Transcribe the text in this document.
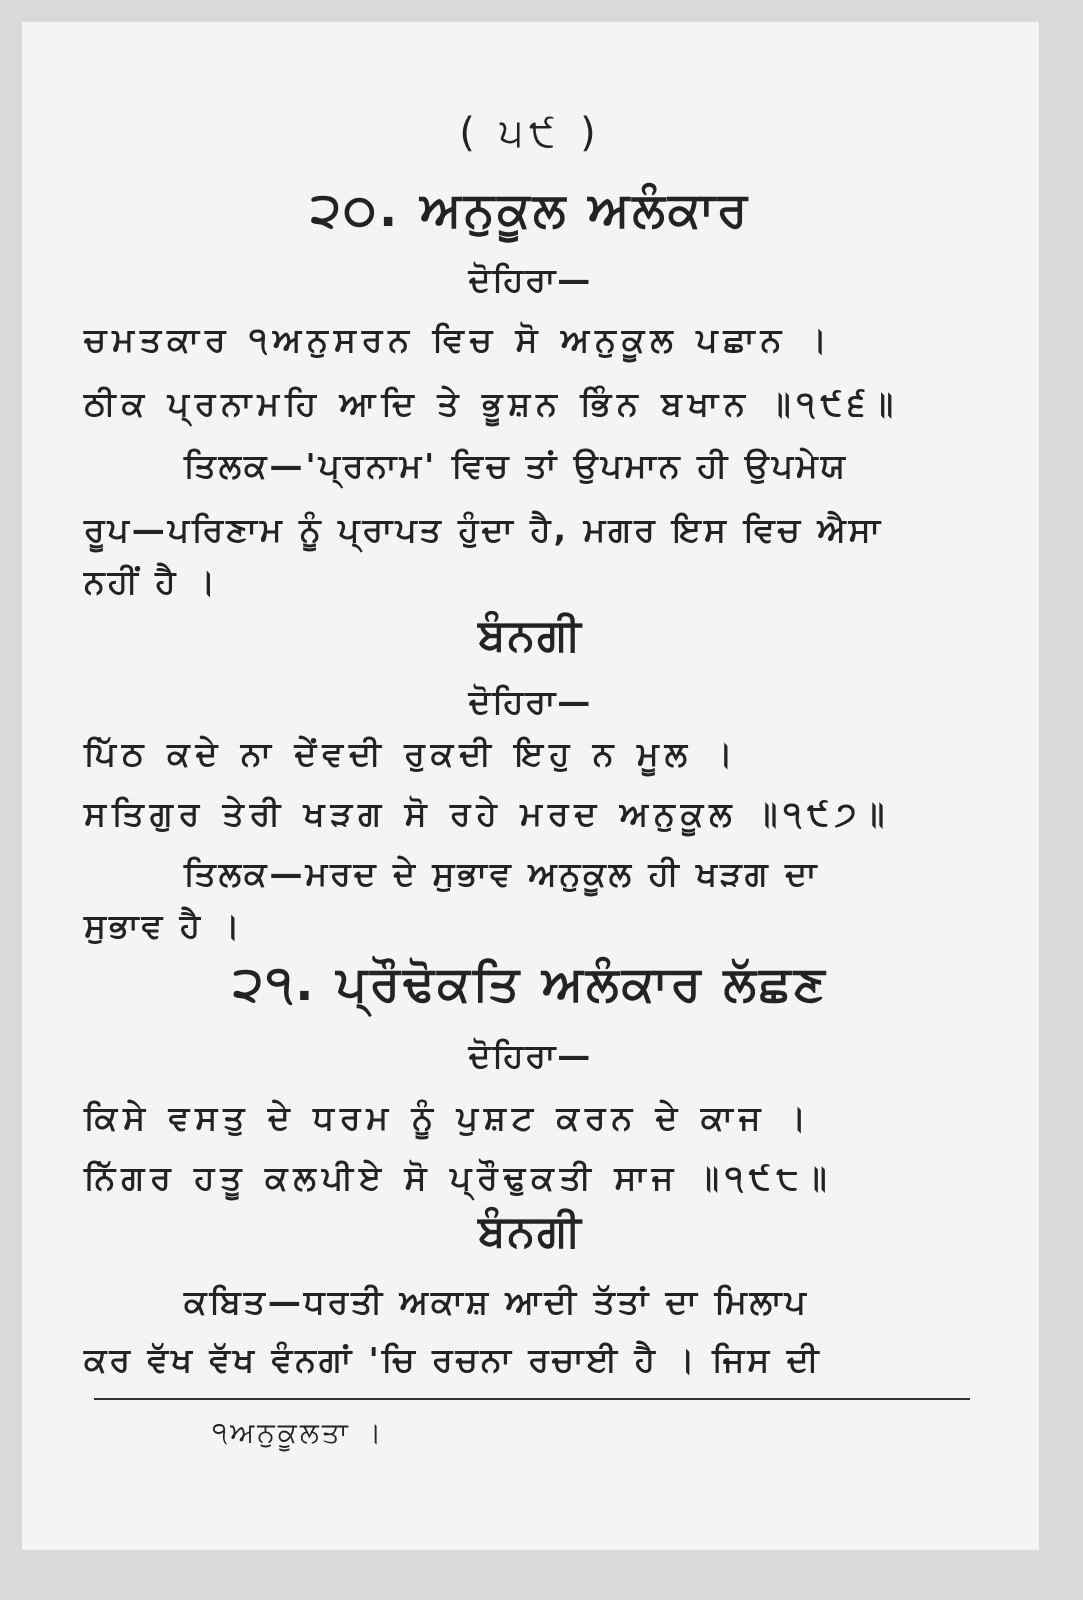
( ੫੯ )
੨੦. ਅਨੁਕੂਲ ਅਲੰਕਾਰ
ਦੋਹਿਰਾ—
ਚਮਤਕਾਰ ੧ਅਨੁਸਰਨ ਵਿਚ ਸੋ ਅਨੁਕੂਲ ਪਛਾਨ ।
ਠੀਕ ਪ੍ਰਨਾਮਹਿ ਆਦਿ ਤੇ ਭੂਸ਼ਨ ਭਿੰਨ ਬਖਾਨ ॥੧੯੬॥
ਤਿਲਕ—'ਪ੍ਰਨਾਮ' ਵਿਚ ਤਾਂ ਉਪਮਾਨ ਹੀ ਉਪਮੇਯ
ਰੂਪ—ਪਰਿਣਾਮ ਨੂੰ ਪ੍ਰਾਪਤ ਹੁੰਦਾ ਹੈ, ਮਗਰ ਇਸ ਵਿਚ ਐਸਾ
ਨਹੀਂ ਹੈ ।
ਬੰਨਗੀ
ਦੋਹਿਰਾ—
ਪਿੱਠ ਕਦੇ ਨਾ ਦੇਂਵਦੀ ਰੁਕਦੀ ਇਹੁ ਨ ਮੂਲ ।
ਸਤਿਗੁਰ ਤੇਰੀ ਖੜਗ ਸੋ ਰਹੇ ਮਰਦ ਅਨੁਕੂਲ ॥੧੯੭॥
ਤਿਲਕ—ਮਰਦ ਦੇ ਸੁਭਾਵ ਅਨੁਕੂਲ ਹੀ ਖੜਗ ਦਾ
ਸੁਭਾਵ ਹੈ ।
੨੧. ਪ੍ਰੌਢੋਕਤਿ ਅਲੰਕਾਰ ਲੱਛਣ
ਦੋਹਿਰਾ—
ਕਿਸੇ ਵਸਤੁ ਦੇ ਧਰਮ ਨੂੰ ਪੁਸ਼ਟ ਕਰਨ ਦੇ ਕਾਜ ।
ਨਿੱਗਰ ਹਤੂ ਕਲਪੀਏ ਸੋ ਪ੍ਰੌਢੁਕਤੀ ਸਾਜ ॥੧੯੮॥
ਬੰਨਗੀ
ਕਬਿਤ—ਧਰਤੀ ਅਕਾਸ਼ ਆਦੀ ਤੱਤਾਂ ਦਾ ਮਿਲਾਪ
ਕਰ ਵੱਖ ਵੱਖ ਵੰਨਗਾਂ 'ਚਿ ਰਚਨਾ ਰਚਾਈ ਹੈ । ਜਿਸ ਦੀ
੧ਅਨੁਕੂਲਤਾ ।
